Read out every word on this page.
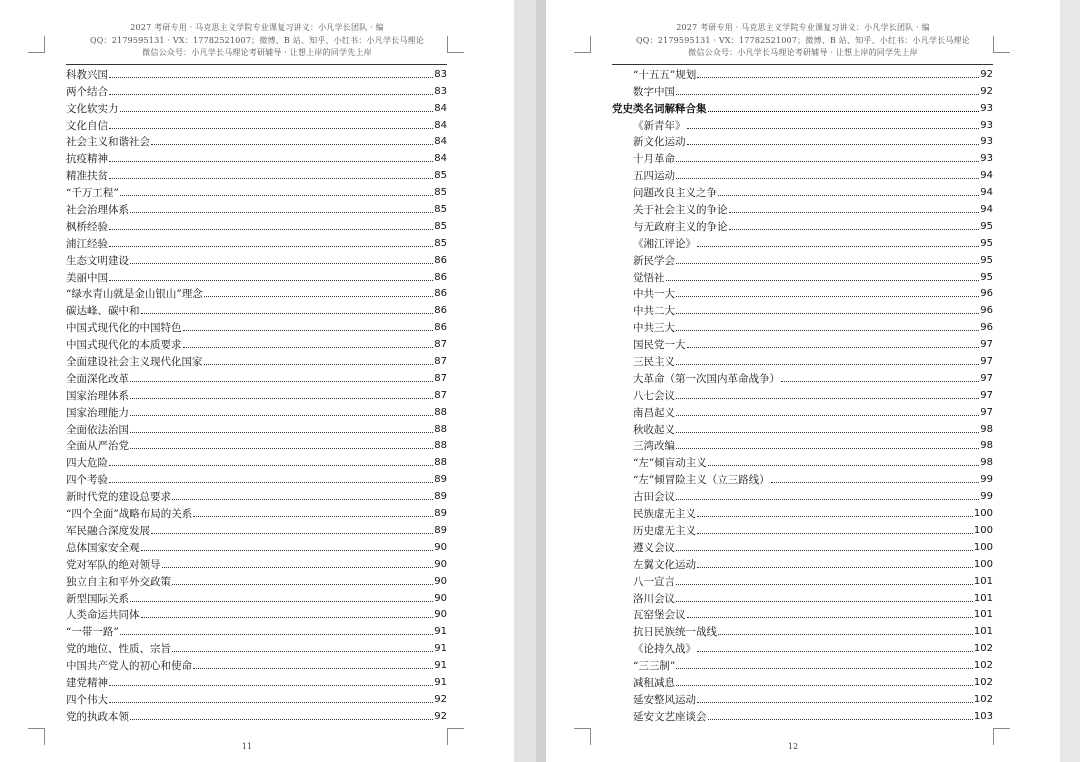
2027 考研专用 · 马克思主义学院专业课复习讲义：小凡学长团队 · 编
QQ：2179595131 · VX：17782521007；微博、B 站、知乎、小红书：小凡学长马理论
微信公众号：小凡学长马理论考研辅导 · 让想上岸的同学先上岸
科教兴国	83
两个结合	83
文化软实力	84
文化自信	84
社会主义和谐社会	84
抗疫精神	84
精准扶贫	85
“千万工程”	85
社会治理体系	85
枫桥经验	85
浦江经验	85
生态文明建设	86
美丽中国	86
“绿水青山就是金山银山”理念	86
碳达峰、碳中和	86
中国式现代化的中国特色	86
中国式现代化的本质要求	87
全面建设社会主义现代化国家	87
全面深化改革	87
国家治理体系	87
国家治理能力	88
全面依法治国	88
全面从严治党	88
四大危险	88
四个考验	89
新时代党的建设总要求	89
“四个全面”战略布局的关系	89
军民融合深度发展	89
总体国家安全观	90
党对军队的绝对领导	90
独立自主和平外交政策	90
新型国际关系	90
人类命运共同体	90
“一带一路”	91
党的地位、性质、宗旨	91
中国共产党人的初心和使命	91
建党精神	91
四个伟大	92
党的执政本领	92
11
2027 考研专用 · 马克思主义学院专业课复习讲义：小凡学长团队 · 编
QQ：2179595131 · VX：17782521007；微博、B 站、知乎、小红书：小凡学长马理论
微信公众号：小凡学长马理论考研辅导 · 让想上岸的同学先上岸
“十五五”规划	92
数字中国	92
党史类名词解释合集	93
《新青年》	93
新文化运动	93
十月革命	93
五四运动	94
问题改良主义之争	94
关于社会主义的争论	94
与无政府主义的争论	95
《湘江评论》	95
新民学会	95
觉悟社	95
中共一大	96
中共二大	96
中共三大	96
国民党一大	97
三民主义	97
大革命（第一次国内革命战争）	97
八七会议	97
南昌起义	97
秋收起义	98
三湾改编	98
“左”倾盲动主义	98
“左”倾冒险主义（立三路线）	99
古田会议	99
民族虚无主义	100
历史虚无主义	100
遵义会议	100
左翼文化运动	100
八一宣言	101
洛川会议	101
瓦窑堡会议	101
抗日民族统一战线	101
《论持久战》	102
“三三制”	102
减租减息	102
延安整风运动	102
延安文艺座谈会	103
12
